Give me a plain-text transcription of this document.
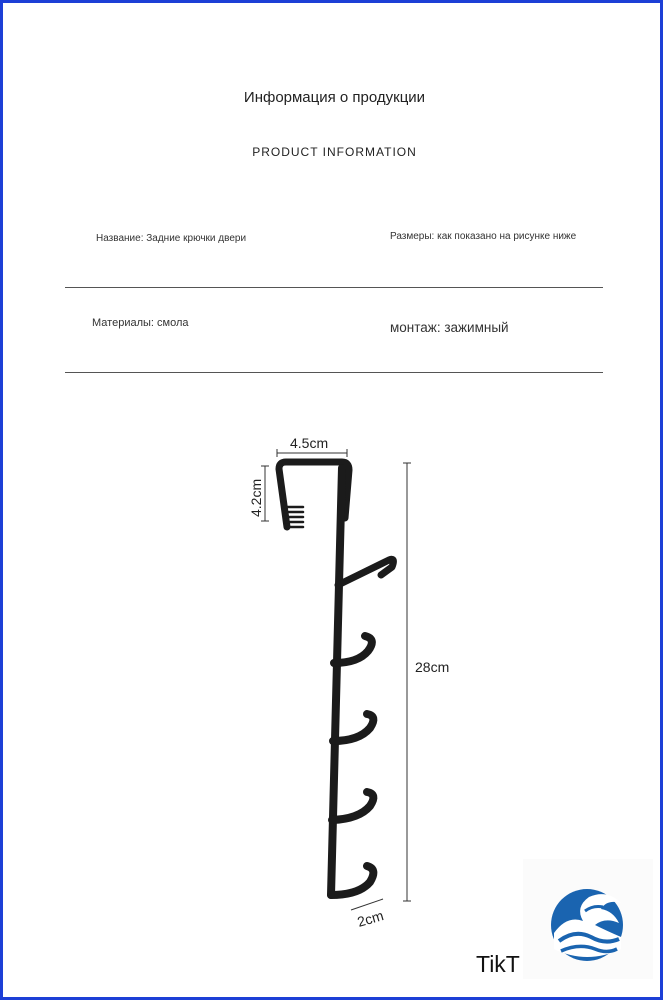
Информация о продукции
PRODUCT INFORMATION
Название: Задние крючки двери	Размеры: как показано на рисунке ниже
Материалы: смола	монтаж: зажимный
4.5cm
4.2cm
28cm
2cm
TikT
